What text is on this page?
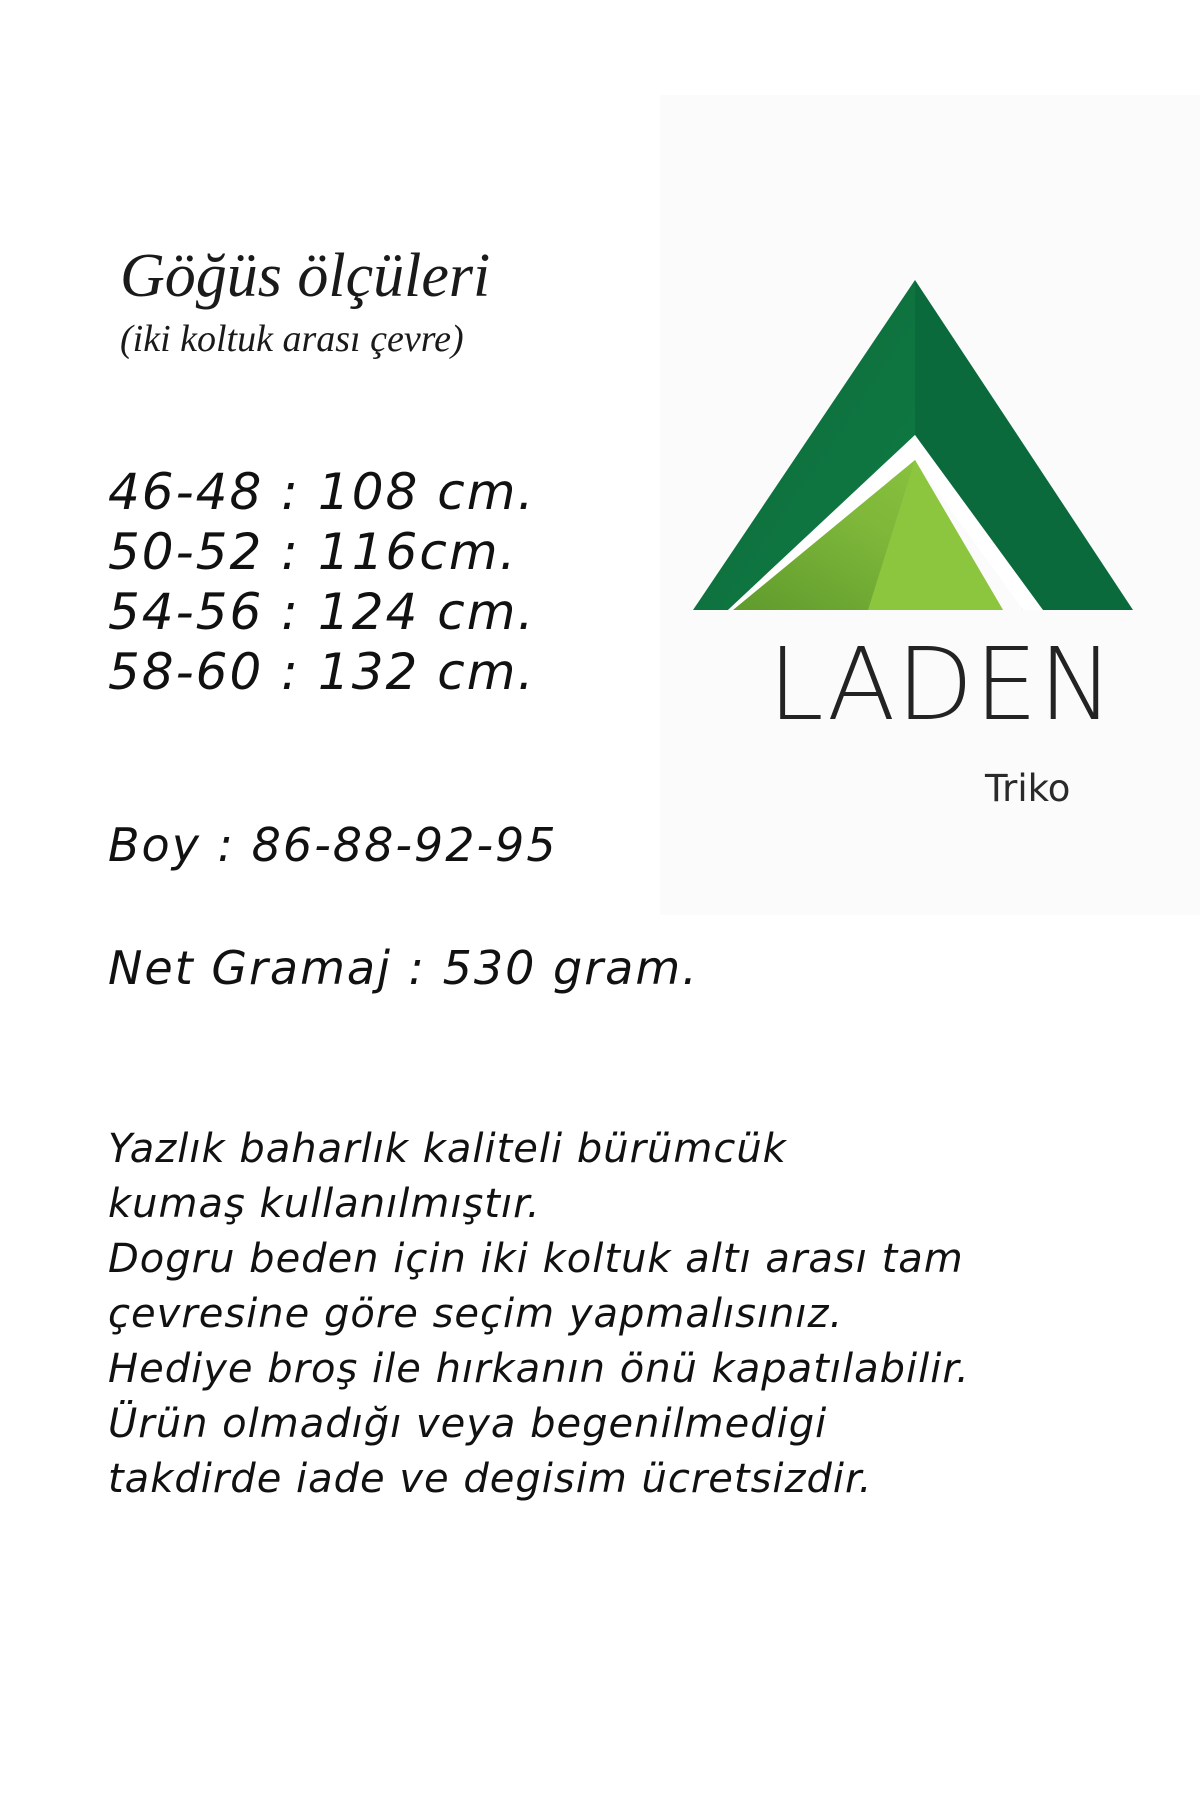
LADEN
Triko
Göğüs ölçüleri
(iki koltuk arası çevre)
46-48 : 108 cm.
50-52 : 116cm.
54-56 : 124 cm.
58-60 : 132 cm.
Boy : 86-88-92-95
Net Gramaj : 530 gram.
Yazlık baharlık kaliteli bürümcük
kumaş kullanılmıştır.
Dogru beden için iki koltuk altı arası tam
çevresine göre seçim yapmalısınız.
Hediye broş ile hırkanın önü kapatılabilir.
Ürün olmadığı veya begenilmedigi
takdirde iade ve degisim ücretsizdir.
